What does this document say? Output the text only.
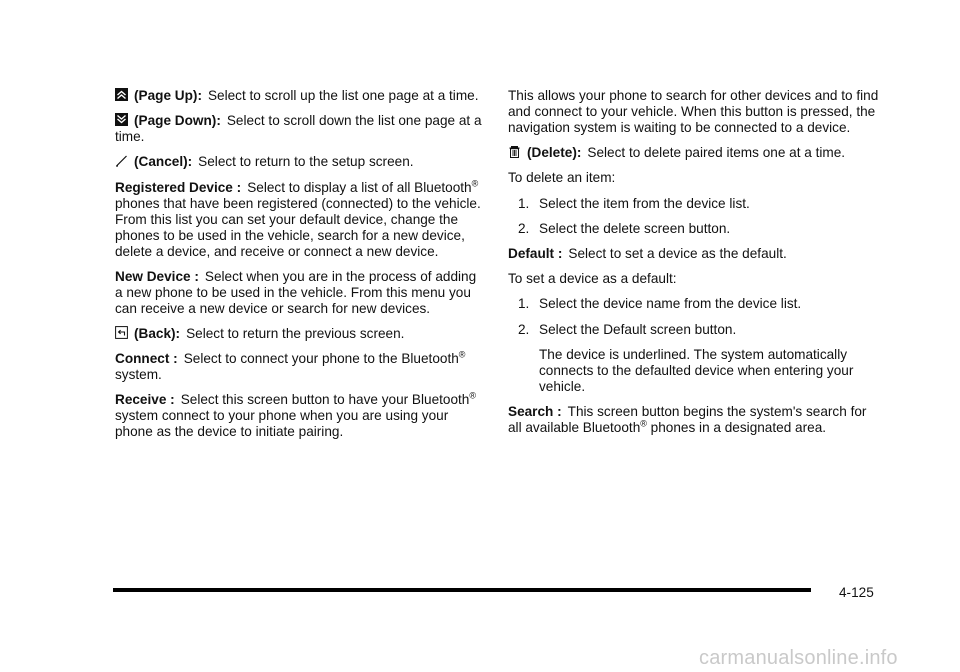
(Page Up): Select to scroll up the list one page at a time.

(Page Down): Select to scroll down the list one page at a time.

(Cancel): Select to return to the setup screen.

Registered Device : Select to display a list of all Bluetooth® phones that have been registered (connected) to the vehicle. From this list you can set your default device, change the phones to be used in the vehicle, search for a new device, delete a device, and receive or connect a new device.

New Device : Select when you are in the process of adding a new phone to be used in the vehicle. From this menu you can receive a new device or search for new devices.

(Back): Select to return the previous screen.

Connect : Select to connect your phone to the Bluetooth® system.

Receive : Select this screen button to have your Bluetooth® system connect to your phone when you are using your phone as the device to initiate pairing.

This allows your phone to search for other devices and to find and connect to your vehicle. When this button is pressed, the navigation system is waiting to be connected to a device.

(Delete): Select to delete paired items one at a time.

To delete an item:

1. Select the item from the device list.

2. Select the delete screen button.

Default : Select to set a device as the default.

To set a device as a default:

1. Select the device name from the device list.

2. Select the Default screen button.

The device is underlined. The system automatically connects to the defaulted device when entering your vehicle.

Search : This screen button begins the system's search for all available Bluetooth® phones in a designated area.

4-125
carmanualsonline.info
